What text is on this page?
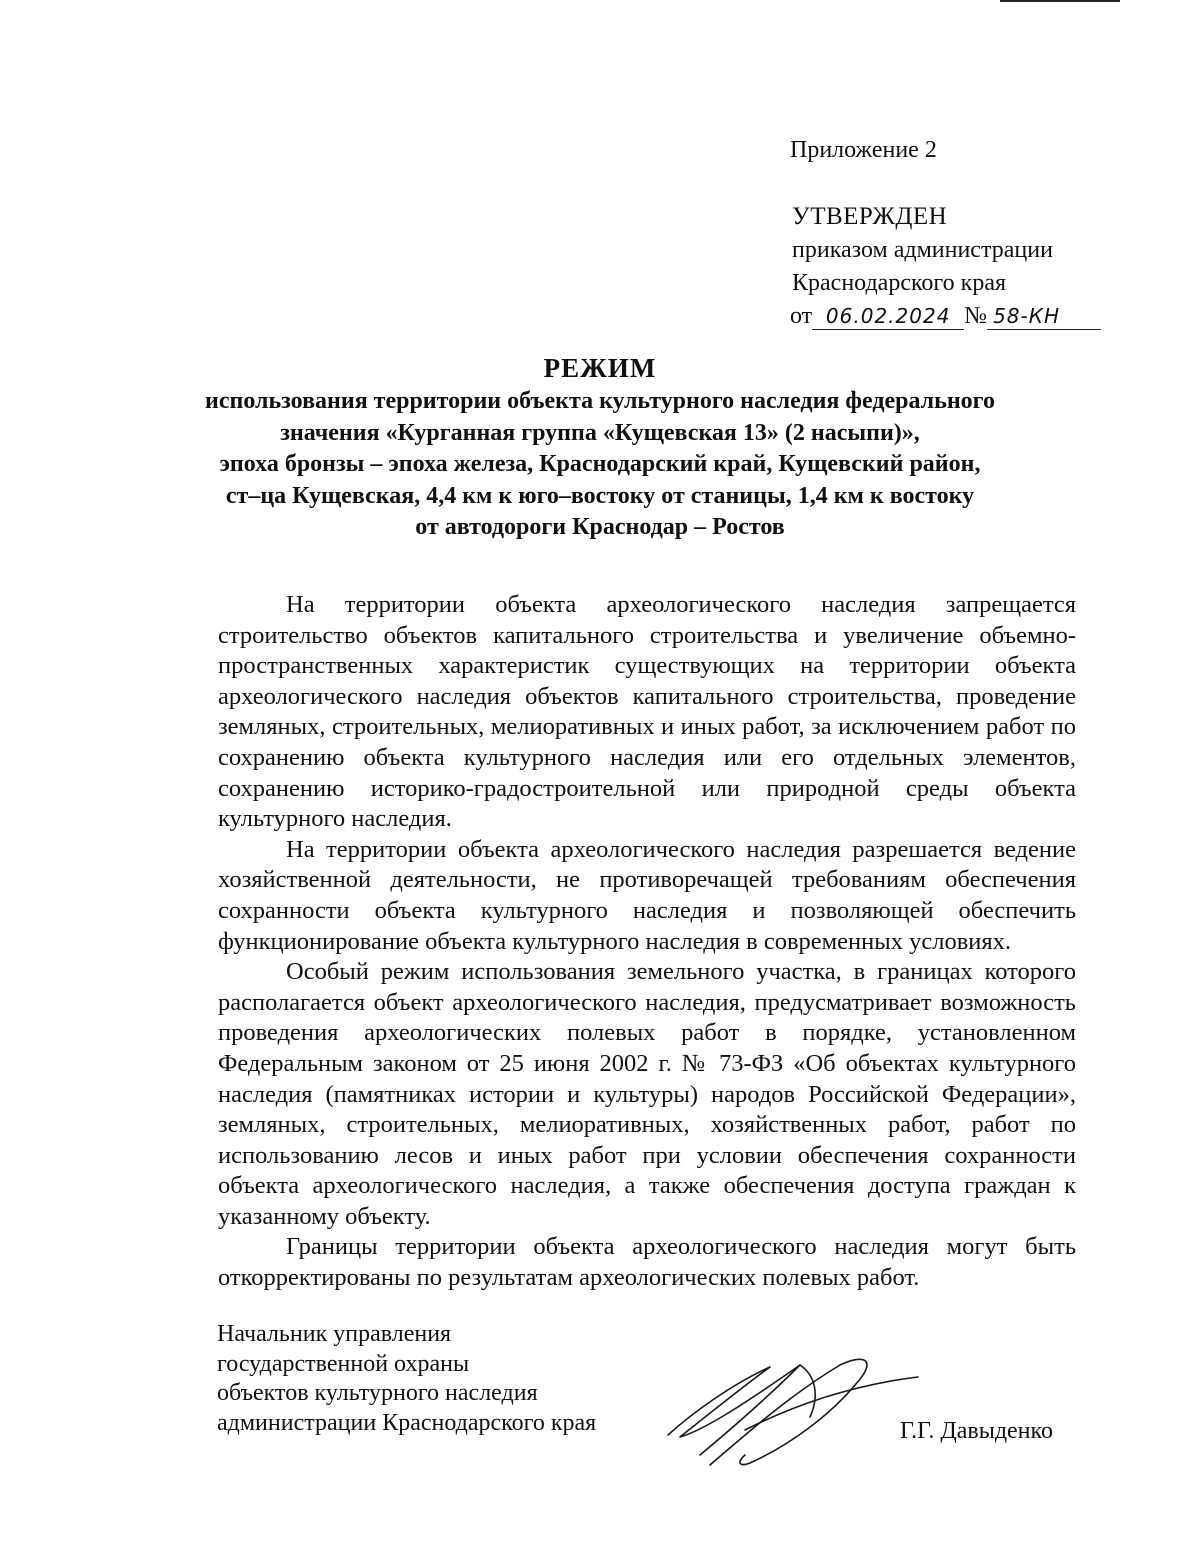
Приложение 2
УТВЕРЖДЕН
приказом администрации
Краснодарского края
от 06.02.2024 № 58-КН
РЕЖИМ
использования территории объекта культурного наследия федерального
значения «Курганная группа «Кущевская 13» (2 насыпи)»,
эпоха бронзы – эпоха железа, Краснодарский край, Кущевский район,
ст–ца Кущевская, 4,4 км к юго–востоку от станицы, 1,4 км к востоку
от автодороги Краснодар – Ростов

На территории объекта археологического наследия запрещается строительство объектов капитального строительства и увеличение объемно-пространственных характеристик существующих на территории объекта археологического наследия объектов капитального строительства, проведение земляных, строительных, мелиоративных и иных работ, за исключением работ по сохранению объекта культурного наследия или его отдельных элементов, сохранению историко-градостроительной или природной среды объекта культурного наследия.

На территории объекта археологического наследия разрешается ведение хозяйственной деятельности, не противоречащей требованиям обеспечения сохранности объекта культурного наследия и позволяющей обеспечить функционирование объекта культурного наследия в современных условиях.

Особый режим использования земельного участка, в границах которого располагается объект археологического наследия, предусматривает возможность проведения археологических полевых работ в порядке, установленном Федеральным законом от 25 июня 2002 г. № 73-ФЗ «Об объектах культурного наследия (памятниках истории и культуры) народов Российской Федерации», земляных, строительных, мелиоративных, хозяйственных работ, работ по использованию лесов и иных работ при условии обеспечения сохранности объекта археологического наследия, а также обеспечения доступа граждан к указанному объекту.

Границы территории объекта археологического наследия могут быть откорректированы по результатам археологических полевых работ.

Начальник управления
государственной охраны
объектов культурного наследия
администрации Краснодарского края	Г.Г. Давыденко
